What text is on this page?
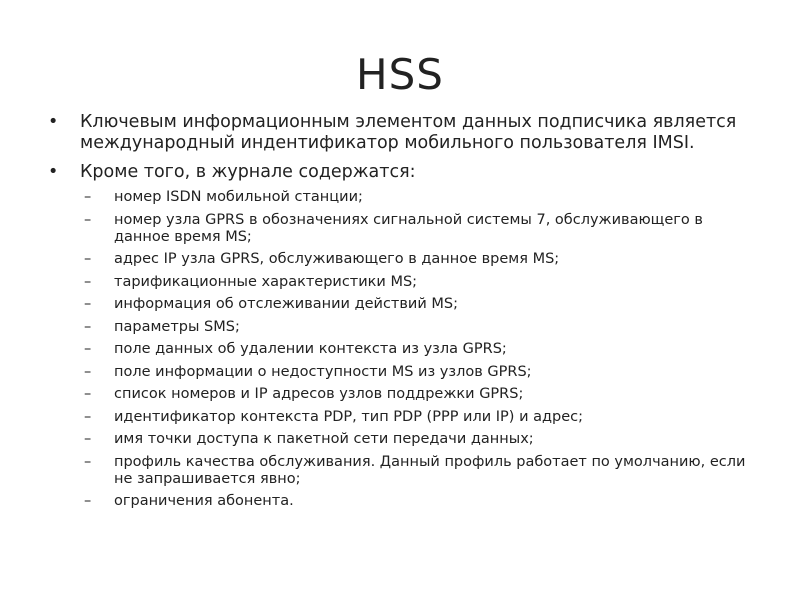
HSS
• Ключевым информационным элементом данных подписчика является международный индентификатор мобильного пользователя IMSI.
• Кроме того, в журнале содержатся:
– номер ISDN мобильной станции;
– номер узла GPRS в обозначениях сигнальной системы 7, обслуживающего в данное время MS;
– адрес IP узла GPRS, обслуживающего в данное время MS;
– тарификационные характеристики MS;
– информация об отслеживании действий MS;
– параметры SMS;
– поле данных об удалении контекста из узла GPRS;
– поле информации о недоступности MS из узлов GPRS;
– список номеров и IP адресов узлов поддрежки GPRS;
– идентификатор контекста PDP, тип PDP (PPP или IP) и адрес;
– имя точки доступа к пакетной сети передачи данных;
– профиль качества обслуживания. Данный профиль работает по умолчанию, если не запрашивается явно;
– ограничения абонента.
